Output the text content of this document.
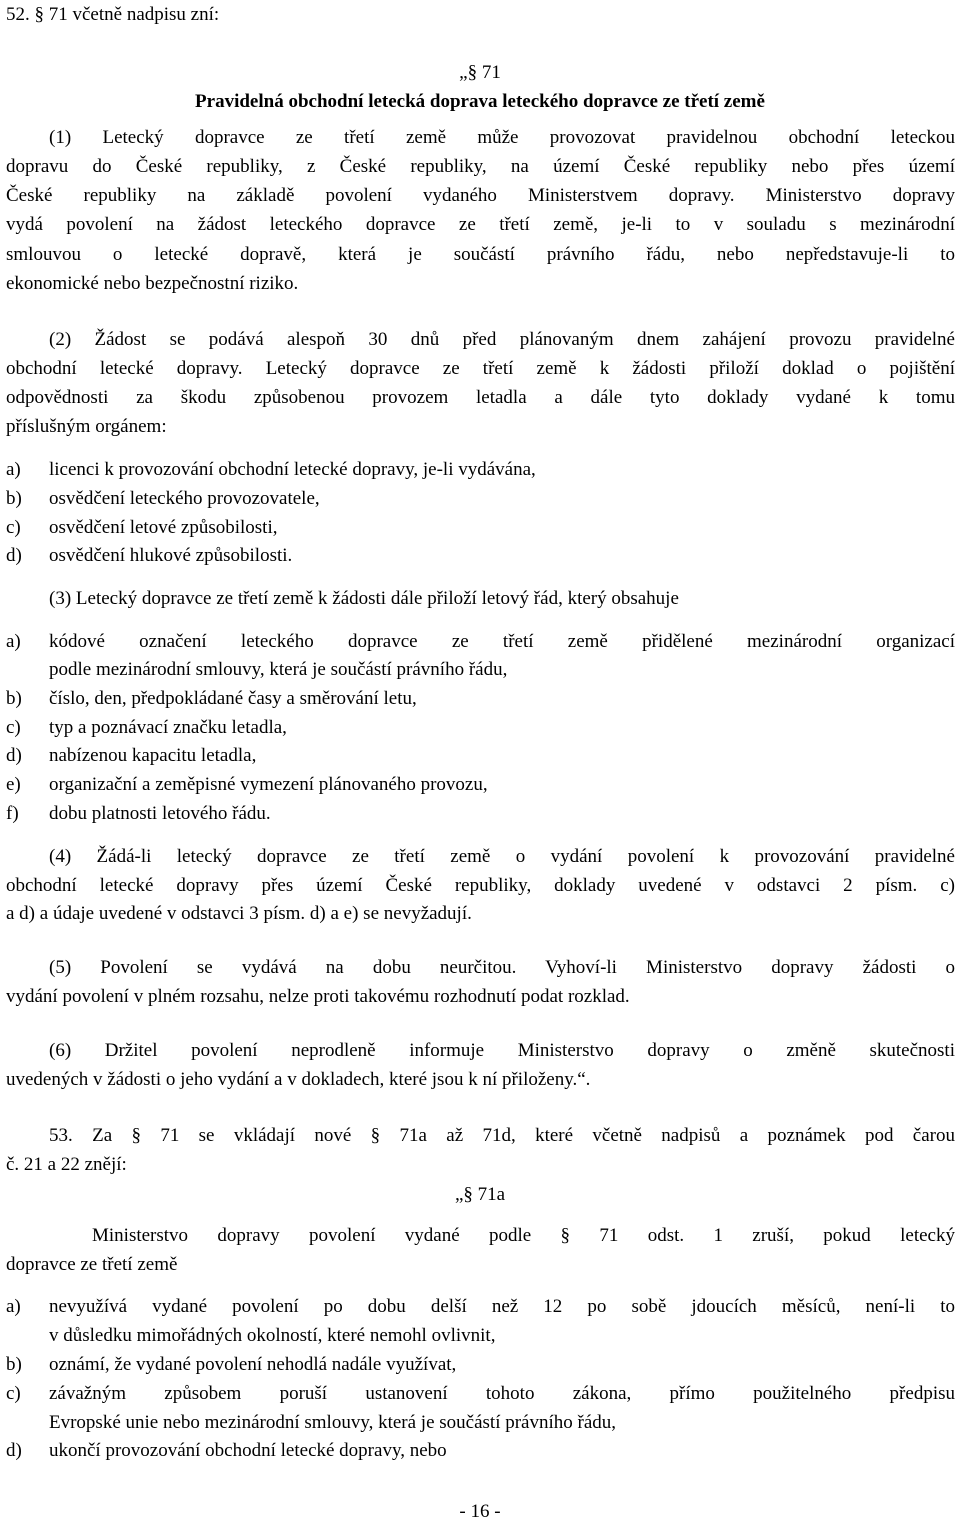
52. § 71 včetně nadpisu zní:
„§ 71
Pravidelná obchodní letecká doprava leteckého dopravce ze třetí země
(1) Letecký dopravce ze třetí země může provozovat pravidelnou obchodní leteckou
dopravu do České republiky, z České republiky, na území České republiky nebo přes území
České republiky na základě povolení vydaného Ministerstvem dopravy. Ministerstvo dopravy
vydá povolení na žádost leteckého dopravce ze třetí země, je-li to v souladu s mezinárodní
smlouvou o letecké dopravě, která je součástí právního řádu, nebo nepředstavuje-li to
ekonomické nebo bezpečnostní riziko.
(2) Žádost se podává alespoň 30 dnů před plánovaným dnem zahájení provozu pravidelné
obchodní letecké dopravy. Letecký dopravce ze třetí země k žádosti přiloží doklad o pojištění
odpovědnosti za škodu způsobenou provozem letadla a dále tyto doklady vydané k tomu
příslušným orgánem:
a) licenci k provozování obchodní letecké dopravy, je-li vydávána,
b) osvědčení leteckého provozovatele,
c) osvědčení letové způsobilosti,
d) osvědčení hlukové způsobilosti.
(3) Letecký dopravce ze třetí země k žádosti dále přiloží letový řád, který obsahuje
a) kódové označení leteckého dopravce ze třetí země přidělené mezinárodní organizací
podle mezinárodní smlouvy, která je součástí právního řádu,
b) číslo, den, předpokládané časy a směrování letu,
c) typ a poznávací značku letadla,
d) nabízenou kapacitu letadla,
e) organizační a zeměpisné vymezení plánovaného provozu,
f) dobu platnosti letového řádu.
(4) Žádá-li letecký dopravce ze třetí země o vydání povolení k provozování pravidelné
obchodní letecké dopravy přes území České republiky, doklady uvedené v odstavci 2 písm. c)
a d) a údaje uvedené v odstavci 3 písm. d) a e) se nevyžadují.
(5) Povolení se vydává na dobu neurčitou. Vyhoví-li Ministerstvo dopravy žádosti o
vydání povolení v plném rozsahu, nelze proti takovému rozhodnutí podat rozklad.
(6) Držitel povolení neprodleně informuje Ministerstvo dopravy o změně skutečnosti
uvedených v žádosti o jeho vydání a v dokladech, které jsou k ní přiloženy.“.
53. Za § 71 se vkládají nové § 71a až 71d, které včetně nadpisů a poznámek pod čarou
č. 21 a 22 znějí:
„§ 71a
Ministerstvo dopravy povolení vydané podle § 71 odst. 1 zruší, pokud letecký
dopravce ze třetí země
a) nevyužívá vydané povolení po dobu delší než 12 po sobě jdoucích měsíců, není-li to
v důsledku mimořádných okolností, které nemohl ovlivnit,
b) oznámí, že vydané povolení nehodlá nadále využívat,
c) závažným způsobem poruší ustanovení tohoto zákona, přímo použitelného předpisu
Evropské unie nebo mezinárodní smlouvy, která je součástí právního řádu,
d) ukončí provozování obchodní letecké dopravy, nebo
- 16 -
